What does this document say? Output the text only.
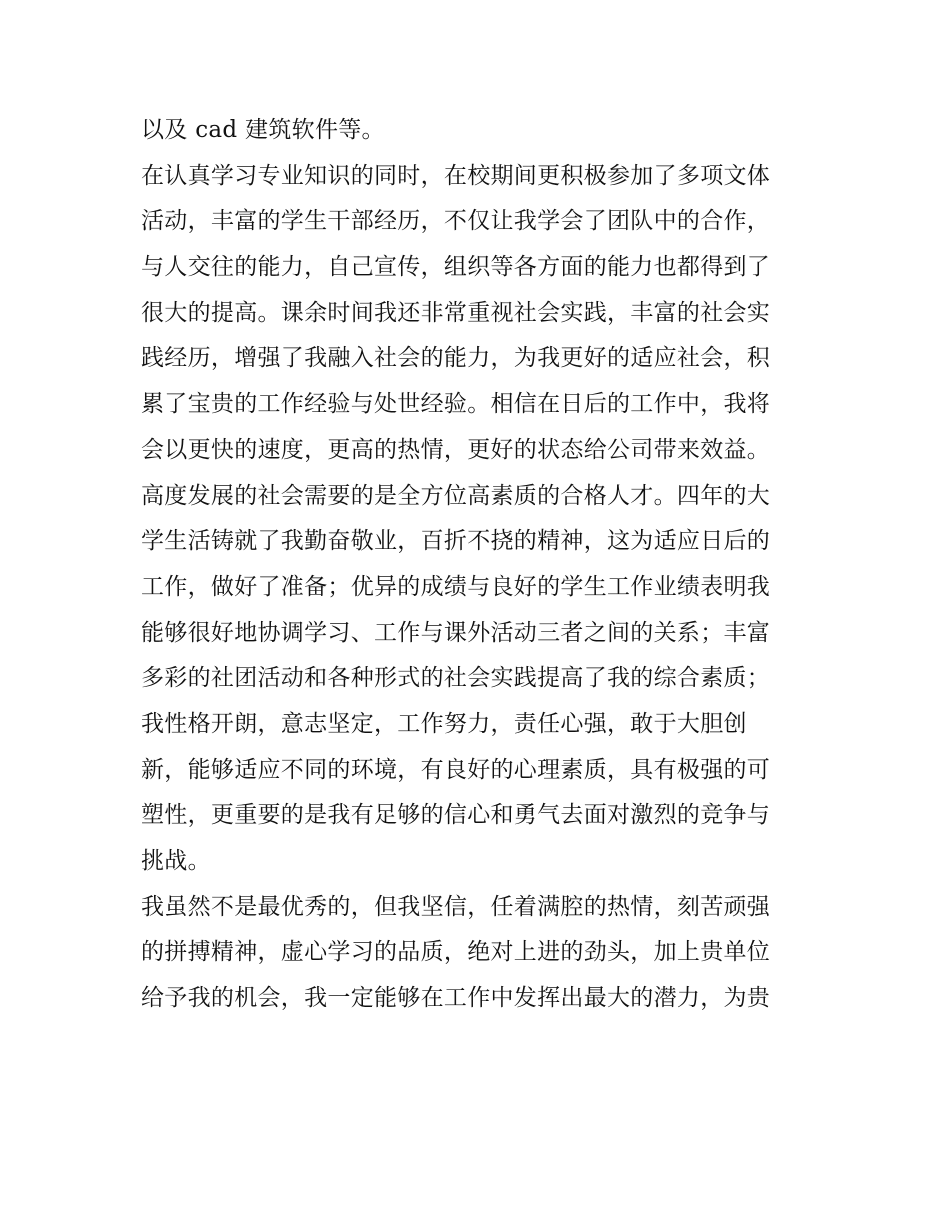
以及 cad 建筑软件等。
在认真学习专业知识的同时，在校期间更积极参加了多项文体
活动，丰富的学生干部经历，不仅让我学会了团队中的合作，
与人交往的能力，自己宣传，组织等各方面的能力也都得到了
很大的提高。课余时间我还非常重视社会实践，丰富的社会实
践经历，增强了我融入社会的能力，为我更好的适应社会，积
累了宝贵的工作经验与处世经验。相信在日后的工作中，我将
会以更快的速度，更高的热情，更好的状态给公司带来效益。
高度发展的社会需要的是全方位高素质的合格人才。四年的大
学生活铸就了我勤奋敬业，百折不挠的精神，这为适应日后的
工作，做好了准备；优异的成绩与良好的学生工作业绩表明我
能够很好地协调学习、工作与课外活动三者之间的关系；丰富
多彩的社团活动和各种形式的社会实践提高了我的综合素质；
我性格开朗，意志坚定，工作努力，责任心强，敢于大胆创
新，能够适应不同的环境，有良好的心理素质，具有极强的可
塑性，更重要的是我有足够的信心和勇气去面对激烈的竞争与
挑战。
我虽然不是最优秀的，但我坚信，任着满腔的热情，刻苦顽强
的拼搏精神，虚心学习的品质，绝对上进的劲头，加上贵单位
给予我的机会，我一定能够在工作中发挥出最大的潜力，为贵
